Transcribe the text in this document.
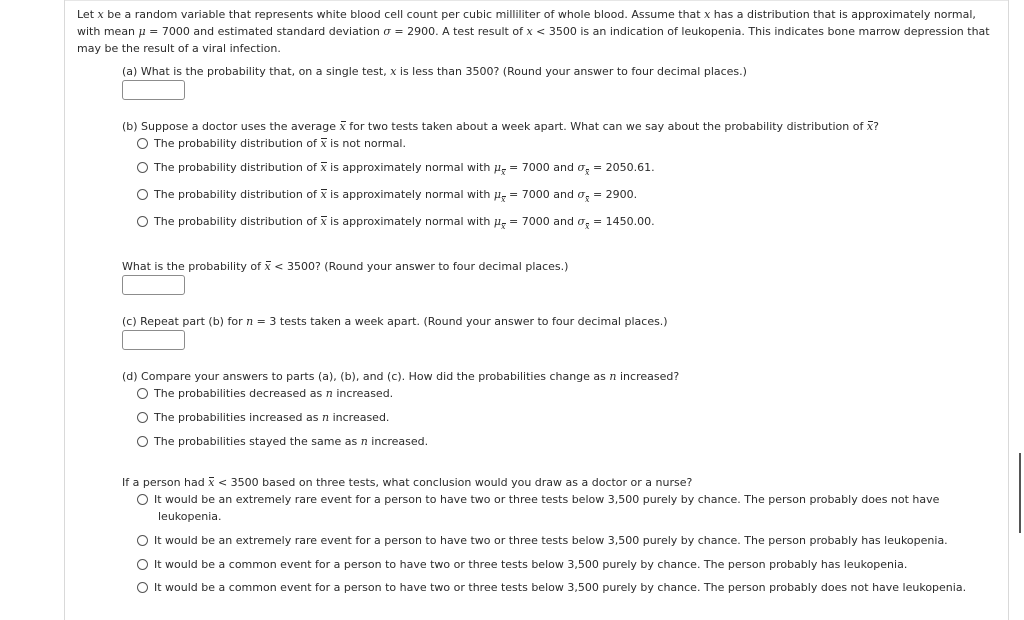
Let x be a random variable that represents white blood cell count per cubic milliliter of whole blood. Assume that x has a distribution that is approximately normal, with mean μ = 7000 and estimated standard deviation σ = 2900. A test result of x < 3500 is an indication of leukopenia. This indicates bone marrow depression that may be the result of a viral infection.
(a) What is the probability that, on a single test, x is less than 3500? (Round your answer to four decimal places.)
(b) Suppose a doctor uses the average x for two tests taken about a week apart. What can we say about the probability distribution of x?
The probability distribution of x is not normal.
The probability distribution of x is approximately normal with $\mu_x = 7000$ and $\sigma_x = 2050.61$.
The probability distribution of x is approximately normal with $\mu_x = 7000$ and $\sigma_x = 2900$.
The probability distribution of x is approximately normal with $\mu_x = 7000$ and $\sigma_x = 1450.00$.
What is the probability of x < 3500? (Round your answer to four decimal places.)
(c) Repeat part (b) for n = 3 tests taken a week apart. (Round your answer to four decimal places.)
(d) Compare your answers to parts (a), (b), and (c). How did the probabilities change as n increased?
The probabilities decreased as n increased.
The probabilities increased as n increased.
The probabilities stayed the same as n increased.
If a person had x < 3500 based on three tests, what conclusion would you draw as a doctor or a nurse?
It would be an extremely rare event for a person to have two or three tests below 3,500 purely by chance. The person probably does not have
leukopenia.
It would be an extremely rare event for a person to have two or three tests below 3,500 purely by chance. The person probably has leukopenia.
It would be a common event for a person to have two or three tests below 3,500 purely by chance. The person probably has leukopenia.
It would be a common event for a person to have two or three tests below 3,500 purely by chance. The person probably does not have leukopenia.
